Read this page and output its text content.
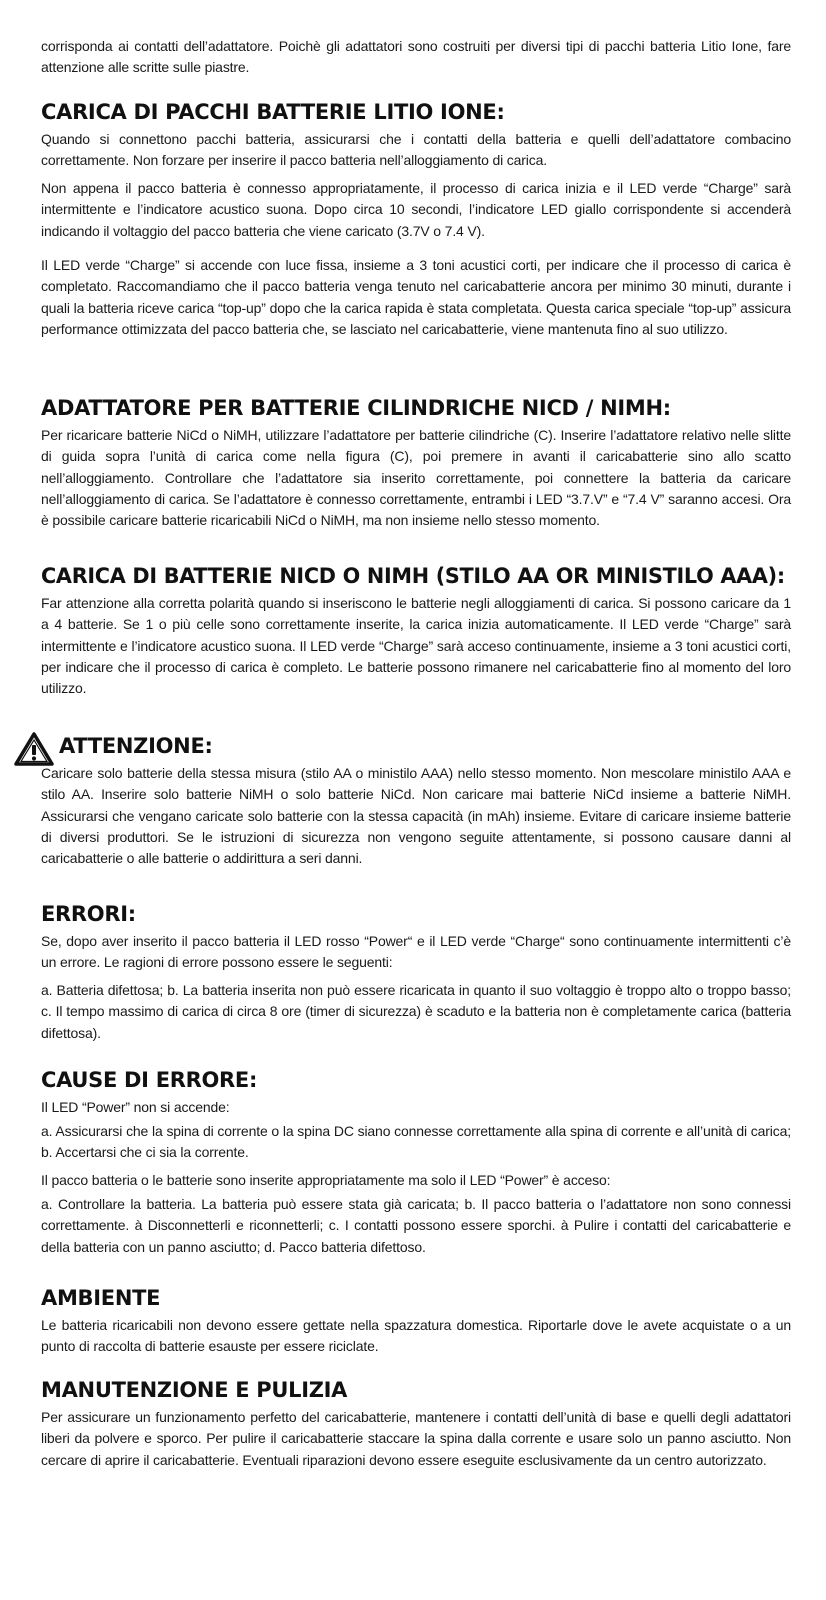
corrisponda ai contatti dell’adattatore. Poichè gli adattatori sono costruiti per diversi tipi di pacchi batteria Litio Ione, fare attenzione alle scritte sulle piastre.

CARICA DI PACCHI BATTERIE LITIO IONE:

Quando si connettono pacchi batteria, assicurarsi che i contatti della batteria e quelli dell’adattatore combacino correttamente. Non forzare per inserire il pacco batteria nell’alloggiamento di carica.

Non appena il pacco batteria è connesso appropriatamente, il processo di carica inizia e il LED verde “Charge” sarà intermittente e l’indicatore acustico suona. Dopo circa 10 secondi, l’indicatore LED giallo corrispondente si accenderà indicando il voltaggio del pacco batteria che viene caricato (3.7V o 7.4 V).

Il LED verde “Charge” si accende con luce fissa, insieme a 3 toni acustici corti, per indicare che il processo di carica è completato. Raccomandiamo che il pacco batteria venga tenuto nel caricabatterie ancora per minimo 30 minuti, durante i quali la batteria riceve carica “top-up” dopo che la carica rapida è stata completata. Questa carica speciale “top-up” assicura performance ottimizzata del pacco batteria che, se lasciato nel caricabatterie, viene mantenuta fino al suo utilizzo.

ADATTATORE PER BATTERIE CILINDRICHE NICD / NIMH:

Per ricaricare batterie NiCd o NiMH, utilizzare l’adattatore per batterie cilindriche (C). Inserire l’adattatore relativo nelle slitte di guida sopra l’unità di carica come nella figura (C), poi premere in avanti il caricabatterie sino allo scatto nell’alloggiamento. Controllare che l’adattatore sia inserito correttamente, poi connettere la batteria da caricare nell’alloggiamento di carica. Se l’adattatore è connesso correttamente, entrambi i LED “3.7.V” e “7.4 V” saranno accesi. Ora è possibile caricare batterie ricaricabili NiCd o NiMH, ma non insieme nello stesso momento.

CARICA DI BATTERIE NICD O NIMH (STILO AA OR MINISTILO AAA):

Far attenzione alla corretta polarità quando si inseriscono le batterie negli alloggiamenti di carica. Si possono caricare da 1 a 4 batterie. Se 1 o più celle sono correttamente inserite, la carica inizia automaticamente. Il LED verde “Charge” sarà intermittente e l’indicatore acustico suona. Il LED verde “Charge” sarà acceso continuamente, insieme a 3 toni acustici corti, per indicare che il processo di carica è completo. Le batterie possono rimanere nel caricabatterie fino al momento del loro utilizzo.

ATTENZIONE:

Caricare solo batterie della stessa misura (stilo AA o ministilo AAA) nello stesso momento. Non mescolare ministilo AAA e stilo AA. Inserire solo batterie NiMH o solo batterie NiCd. Non caricare mai batterie NiCd insieme a batterie NiMH. Assicurarsi che vengano caricate solo batterie con la stessa capacità (in mAh) insieme. Evitare di caricare insieme batterie di diversi produttori. Se le istruzioni di sicurezza non vengono seguite attentamente, si possono causare danni al caricabatterie o alle batterie o addirittura a seri danni.

ERRORI:

Se, dopo aver inserito il pacco batteria il LED rosso “Power“ e il LED verde “Charge“ sono continuamente intermittenti c’è un errore. Le ragioni di errore possono essere le seguenti:

a. Batteria difettosa; b. La batteria inserita non può essere ricaricata in quanto il suo voltaggio è troppo alto o troppo basso; c. Il tempo massimo di carica di circa 8 ore (timer di sicurezza) è scaduto e la batteria non è completamente carica (batteria difettosa).

CAUSE DI ERRORE:

Il LED “Power” non si accende:

a. Assicurarsi che la spina di corrente o la spina DC siano connesse correttamente alla spina di corrente e all’unità di carica; b. Accertarsi che ci sia la corrente.

Il pacco batteria o le batterie sono inserite appropriatamente ma solo il LED “Power” è acceso:

a. Controllare la batteria. La batteria può essere stata già caricata; b. Il pacco batteria o l’adattatore non sono connessi correttamente. à Disconnetterli e riconnetterli; c. I contatti possono essere sporchi. à Pulire i contatti del caricabatterie e della batteria con un panno asciutto; d. Pacco batteria difettoso.

AMBIENTE

Le batteria ricaricabili non devono essere gettate nella spazzatura domestica. Riportarle dove le avete acquistate o a un punto di raccolta di batterie esauste per essere riciclate.

MANUTENZIONE E PULIZIA

Per assicurare un funzionamento perfetto del caricabatterie, mantenere i contatti dell’unità di base e quelli degli adattatori liberi da polvere e sporco. Per pulire il caricabatterie staccare la spina dalla corrente e usare solo un panno asciutto. Non cercare di aprire il caricabatterie. Eventuali riparazioni devono essere eseguite esclusivamente da un centro autorizzato.
